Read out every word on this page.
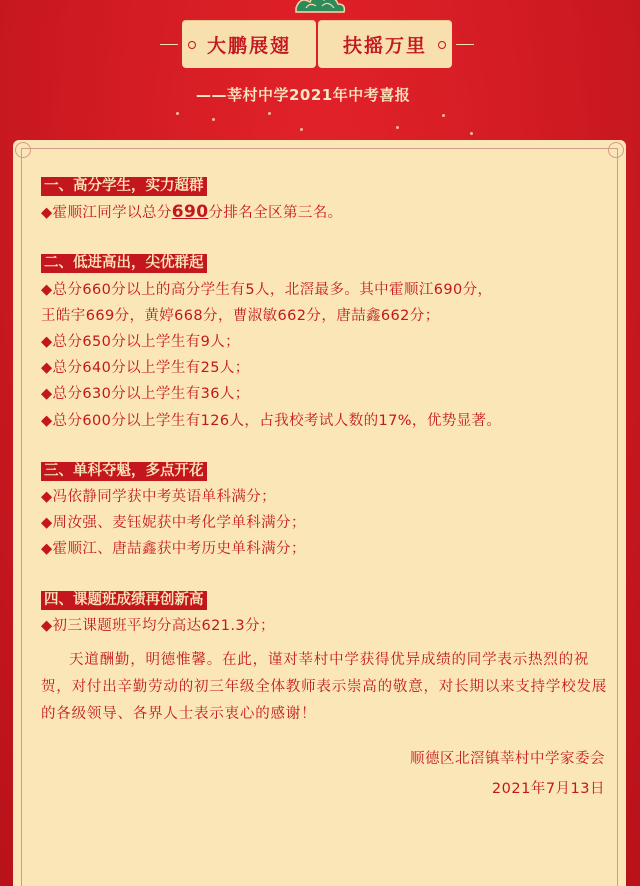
大鹏展翅	扶摇万里
——莘村中学2021年中考喜报
一、高分学生，实力超群
◆霍顺江同学以总分690分排名全区第三名。
二、低进高出，尖优群起
◆总分660分以上的高分学生有5人，北滘最多。其中霍顺江690分，
王皓宇669分，黄婷668分，曹淑敏662分，唐喆鑫662分；
◆总分650分以上学生有9人；
◆总分640分以上学生有25人；
◆总分630分以上学生有36人；
◆总分600分以上学生有126人，占我校考试人数的17%，优势显著。
三、单科夺魁，多点开花
◆冯依静同学获中考英语单科满分；
◆周汝强、麦钰妮获中考化学单科满分；
◆霍顺江、唐喆鑫获中考历史单科满分；
四、课题班成绩再创新高
◆初三课题班平均分高达621.3分；
天道酬勤，明德惟馨。在此，谨对莘村中学获得优异成绩的同学表示热烈的祝贺，对付出辛勤劳动的初三年级全体教师表示崇高的敬意，对长期以来支持学校发展的各级领导、各界人士表示衷心的感谢！
顺德区北滘镇莘村中学家委会
2021年7月13日
